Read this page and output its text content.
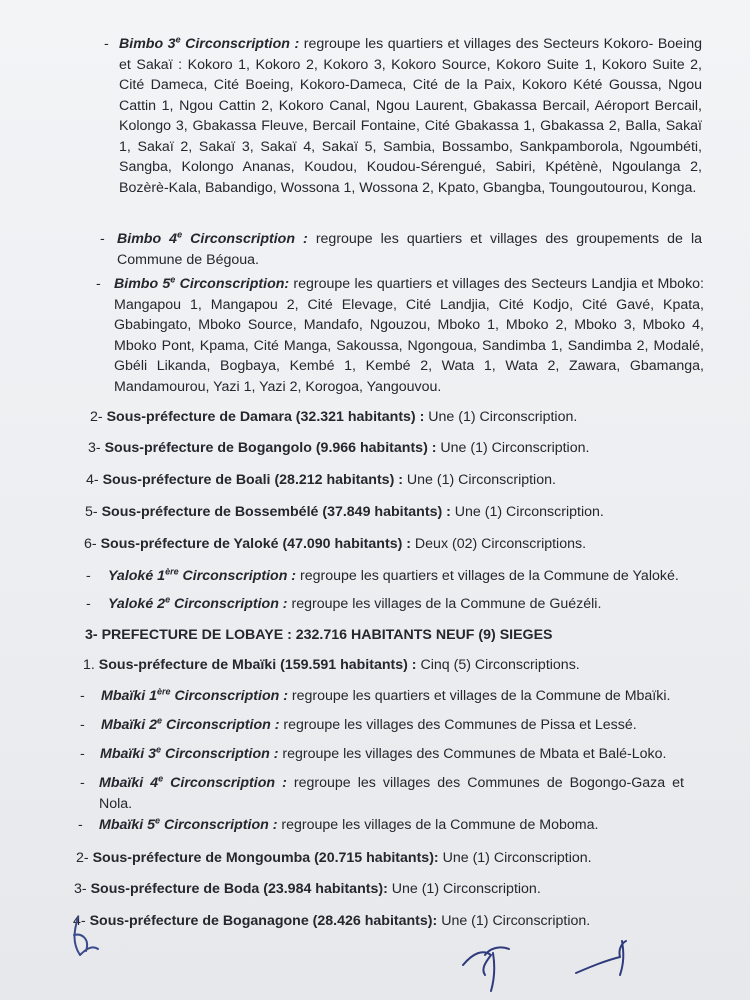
- Bimbo 3e Circonscription : regroupe les quartiers et villages des Secteurs Kokoro- Boeing et Sakaï : Kokoro 1, Kokoro 2, Kokoro 3, Kokoro Source, Kokoro Suite 1, Kokoro Suite 2, Cité Dameca, Cité Boeing, Kokoro-Dameca, Cité de la Paix, Kokoro Kété Goussa, Ngou Cattin 1, Ngou Cattin 2, Kokoro Canal, Ngou Laurent, Gbakassa Bercail, Aéroport Bercail, Kolongo 3, Gbakassa Fleuve, Bercail Fontaine, Cité Gbakassa 1, Gbakassa 2, Balla, Sakaï 1, Sakaï 2, Sakaï 3, Sakaï 4, Sakaï 5, Sambia, Bossambo, Sankpamborola, Ngoumbéti, Sangba, Kolongo Ananas, Koudou, Koudou-Sérengué, Sabiri, Kpétènè, Ngoulanga 2, Bozèrè-Kala, Babandigo, Wossona 1, Wossona 2, Kpato, Gbangba, Toungoutourou, Konga.
- Bimbo 4e Circonscription : regroupe les quartiers et villages des groupements de la Commune de Bégoua.
- Bimbo 5e Circonscription: regroupe les quartiers et villages des Secteurs Landjia et Mboko: Mangapou 1, Mangapou 2, Cité Elevage, Cité Landjia, Cité Kodjo, Cité Gavé, Kpata, Gbabingato, Mboko Source, Mandafo, Ngouzou, Mboko 1, Mboko 2, Mboko 3, Mboko 4, Mboko Pont, Kpama, Cité Manga, Sakoussa, Ngongoua, Sandimba 1, Sandimba 2, Modalé, Gbéli Likanda, Bogbaya, Kembé 1, Kembé 2, Wata 1, Wata 2, Zawara, Gbamanga, Mandamourou, Yazi 1, Yazi 2, Korogoa, Yangouvou.
2- Sous-préfecture de Damara (32.321 habitants) : Une (1) Circonscription.
3- Sous-préfecture de Bogangolo (9.966 habitants) : Une (1) Circonscription.
4- Sous-préfecture de Boali (28.212 habitants) : Une (1) Circonscription.
5- Sous-préfecture de Bossembélé (37.849 habitants) : Une (1) Circonscription.
6- Sous-préfecture de Yaloké (47.090 habitants) : Deux (02) Circonscriptions.
- Yaloké 1ère Circonscription : regroupe les quartiers et villages de la Commune de Yaloké.
- Yaloké 2e Circonscription : regroupe les villages de la Commune de Guézéli.
3- PREFECTURE DE LOBAYE : 232.716 HABITANTS NEUF (9) SIEGES
1. Sous-préfecture de Mbaïki (159.591 habitants) : Cinq (5) Circonscriptions.
- Mbaïki 1ère Circonscription : regroupe les quartiers et villages de la Commune de Mbaïki.
- Mbaïki 2e Circonscription : regroupe les villages des Communes de Pissa et Lessé.
- Mbaïki 3e Circonscription : regroupe les villages des Communes de Mbata et Balé-Loko.
- Mbaïki 4e Circonscription : regroupe les villages des Communes de Bogongo-Gaza et Nola.
- Mbaïki 5e Circonscription : regroupe les villages de la Commune de Moboma.
2- Sous-préfecture de Mongoumba (20.715 habitants): Une (1) Circonscription.
3- Sous-préfecture de Boda (23.984 habitants): Une (1) Circonscription.
4- Sous-préfecture de Boganagone (28.426 habitants): Une (1) Circonscription.
